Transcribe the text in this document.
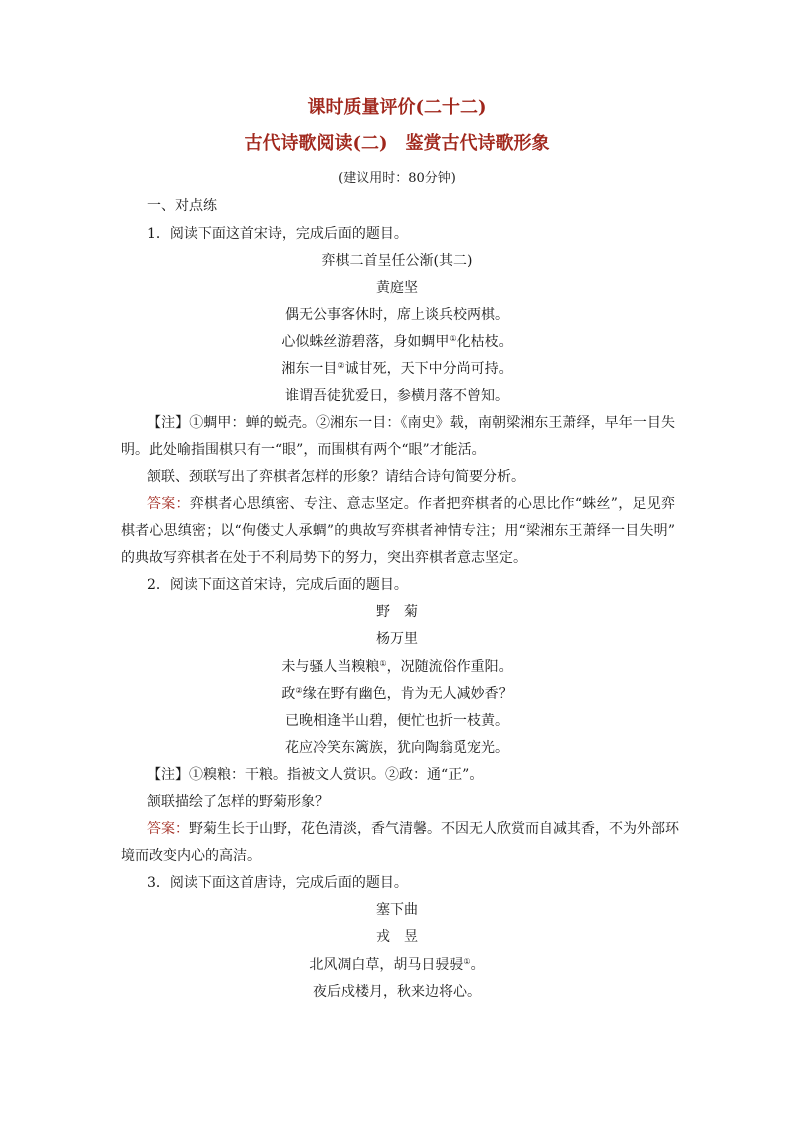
课时质量评价(二十二)
古代诗歌阅读(二)　鉴赏古代诗歌形象
(建议用时：80分钟)
一、对点练
1．阅读下面这首宋诗，完成后面的题目。
弈棋二首呈任公渐(其二)
黄庭坚
偶无公事客休时，席上谈兵校两棋。
心似蛛丝游碧落，身如蜩甲①化枯枝。
湘东一目②诚甘死，天下中分尚可持。
谁谓吾徒犹爱日，参横月落不曾知。
【注】①蜩甲：蝉的蜕壳。②湘东一目：《南史》载，南朝梁湘东王萧绎，早年一目失
明。此处喻指围棋只有一“眼”，而围棋有两个“眼”才能活。
颔联、颈联写出了弈棋者怎样的形象？请结合诗句简要分析。
答案：弈棋者心思缜密、专注、意志坚定。作者把弈棋者的心思比作“蛛丝”，足见弈
棋者心思缜密；以“佝偻丈人承蜩”的典故写弈棋者神情专注；用“梁湘东王萧绎一目失明”
的典故写弈棋者在处于不利局势下的努力，突出弈棋者意志坚定。
2．阅读下面这首宋诗，完成后面的题目。
野　菊
杨万里
未与骚人当糗粮①，况随流俗作重阳。
政②缘在野有幽色，肯为无人减妙香？
已晚相逢半山碧，便忙也折一枝黄。
花应冷笑东篱族，犹向陶翁觅宠光。
【注】①糗粮：干粮。指被文人赏识。②政：通“正”。
颔联描绘了怎样的野菊形象？
答案：野菊生长于山野，花色清淡，香气清馨。不因无人欣赏而自减其香，不为外部环
境而改变内心的高洁。
3．阅读下面这首唐诗，完成后面的题目。
塞下曲
戎　昱
北风凋白草，胡马日骎骎①。
夜后戍楼月，秋来边将心。
